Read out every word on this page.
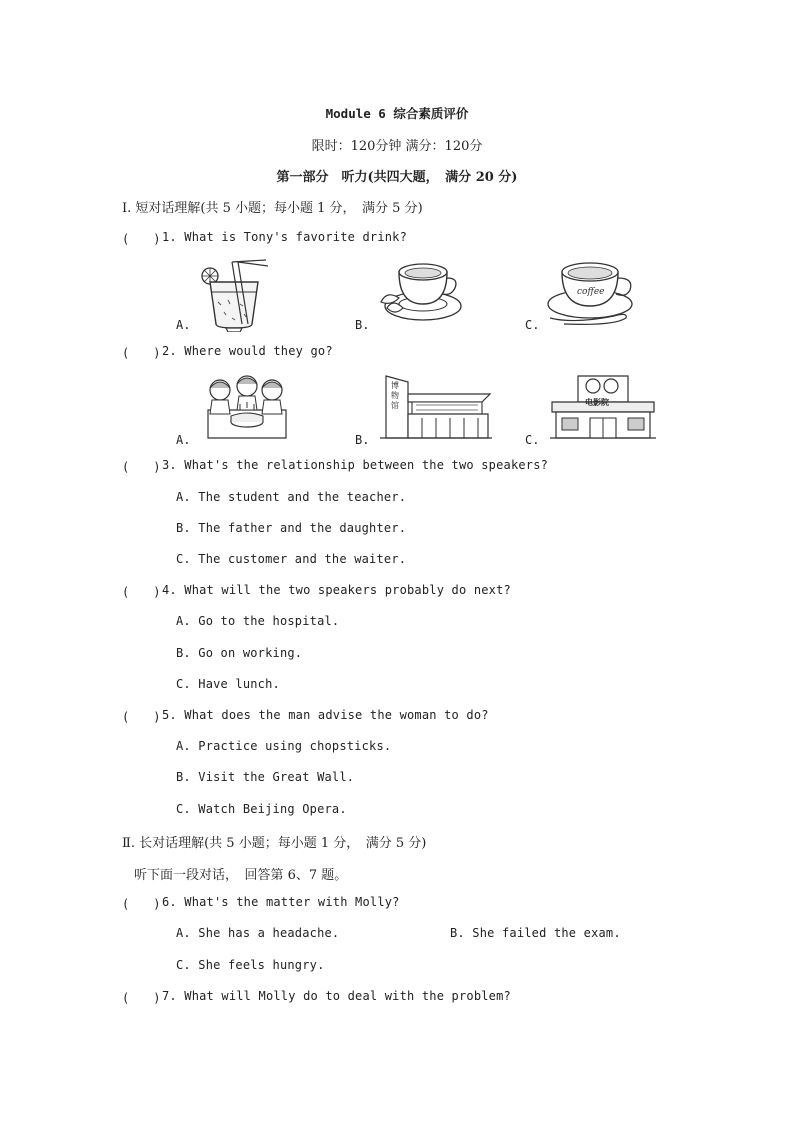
Module 6 综合素质评价
限时：120分钟 满分：120分
第一部分　听力(共四大题，　满分 20 分)
Ⅰ. 短对话理解(共 5 小题；每小题 1 分，　满分 5 分)
(　　) 1. What is Tony's favorite drink?
A.	B.	C.
coffee
(　　) 2. Where would they go?
A.	B.	C.
博物馆	电影院
(　　) 3. What's the relationship between the two speakers?
A. The student and the teacher.
B. The father and the daughter.
C. The customer and the waiter.
(　　) 4. What will the two speakers probably do next?
A. Go to the hospital.
B. Go on working.
C. Have lunch.
(　　) 5. What does the man advise the woman to do?
A. Practice using chopsticks.
B. Visit the Great Wall.
C. Watch Beijing Opera.
Ⅱ. 长对话理解(共 5 小题；每小题 1 分，　满分 5 分)
听下面一段对话，　回答第 6、7 题。
(　　) 6. What's the matter with Molly?
A. She has a headache.	B. She failed the exam.
C. She feels hungry.
(　　) 7. What will Molly do to deal with the problem?
